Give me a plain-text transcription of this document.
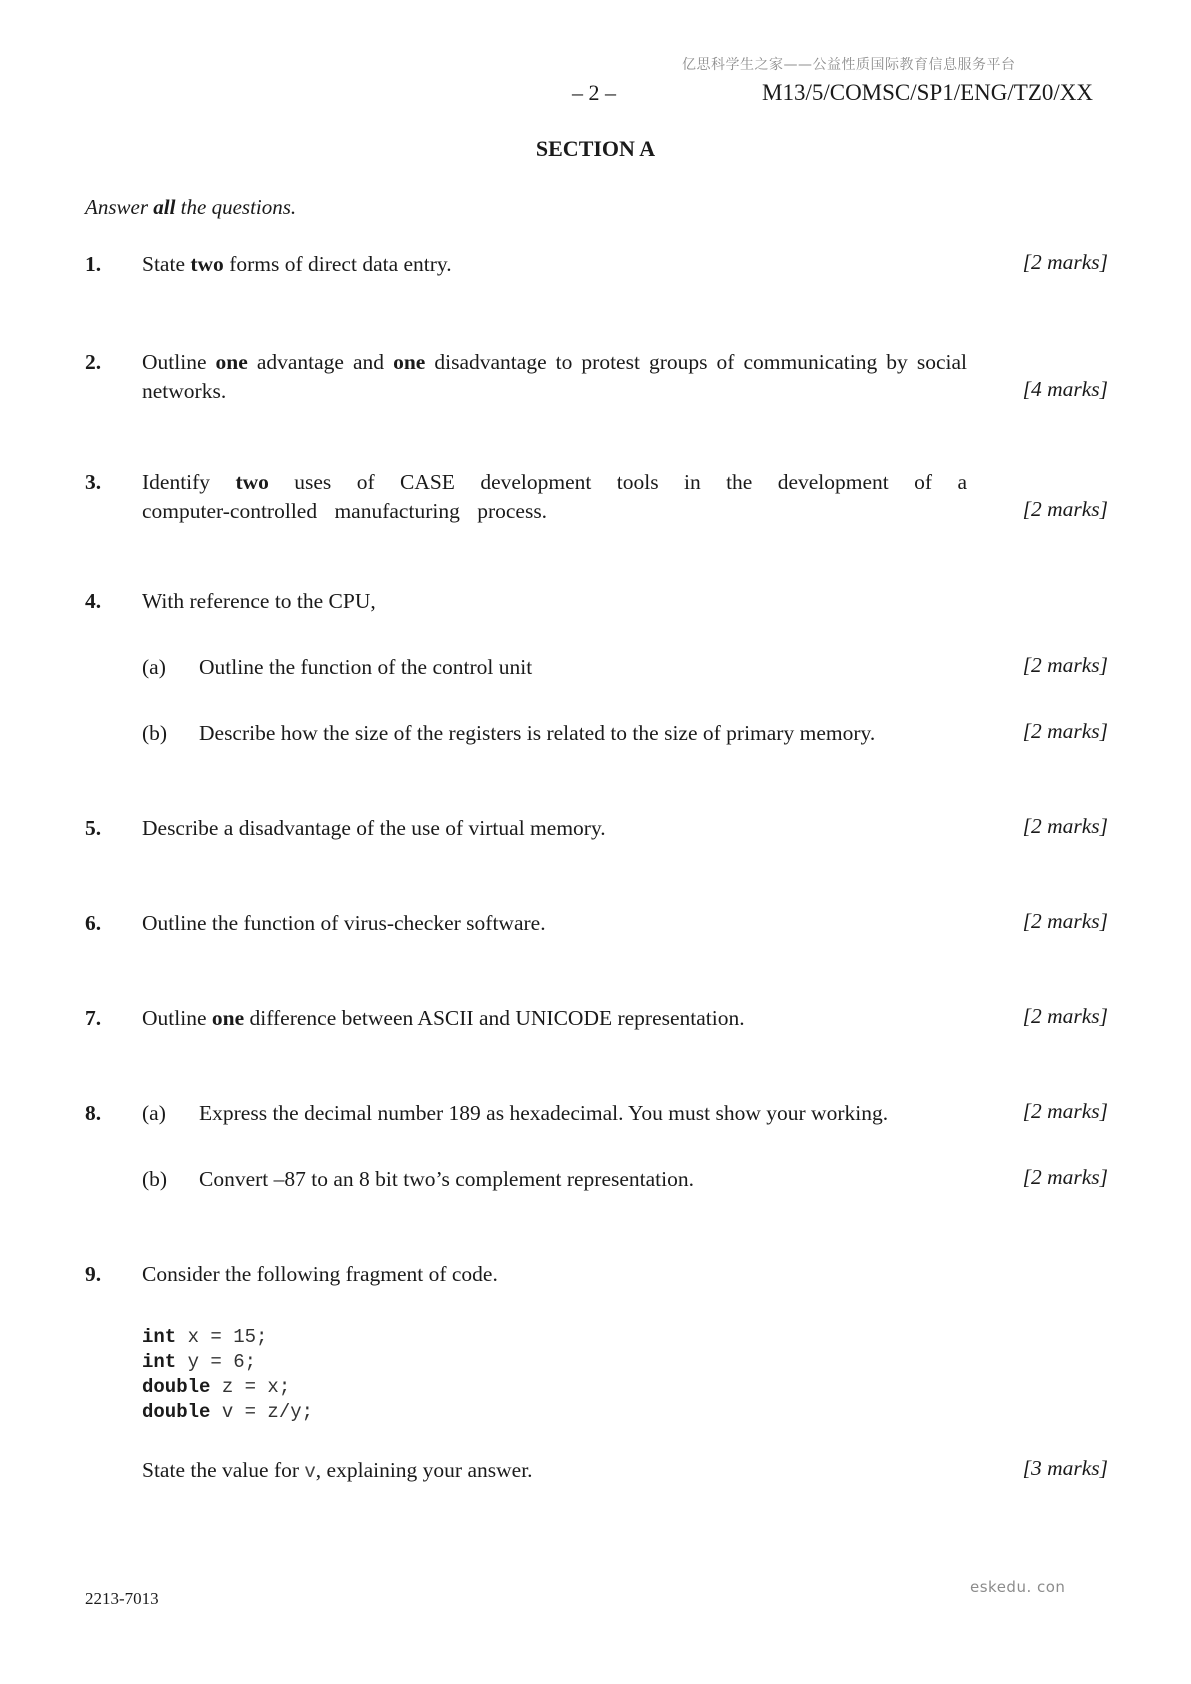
亿思科学生之家——公益性质国际教育信息服务平台
– 2 –	M13/5/COMSC/SP1/ENG/TZ0/XX
SECTION A
Answer all the questions.
1. State two forms of direct data entry.	[2 marks]
2. Outline one advantage and one disadvantage to protest groups of communicating by social networks.	[4 marks]
3. Identify two uses of CASE development tools in the development of a computer-controlled manufacturing process.	[2 marks]
4. With reference to the CPU,
(a) Outline the function of the control unit	[2 marks]
(b) Describe how the size of the registers is related to the size of primary memory.	[2 marks]
5. Describe a disadvantage of the use of virtual memory.	[2 marks]
6. Outline the function of virus-checker software.	[2 marks]
7. Outline one difference between ASCII and UNICODE representation.	[2 marks]
8. (a) Express the decimal number 189 as hexadecimal. You must show your working.	[2 marks]
(b) Convert –87 to an 8 bit two’s complement representation.	[2 marks]
9. Consider the following fragment of code.
int x = 15;
int y = 6;
double z = x;
double v = z/y;
State the value for v, explaining your answer.	[3 marks]
2213-7013
eskedu. con
